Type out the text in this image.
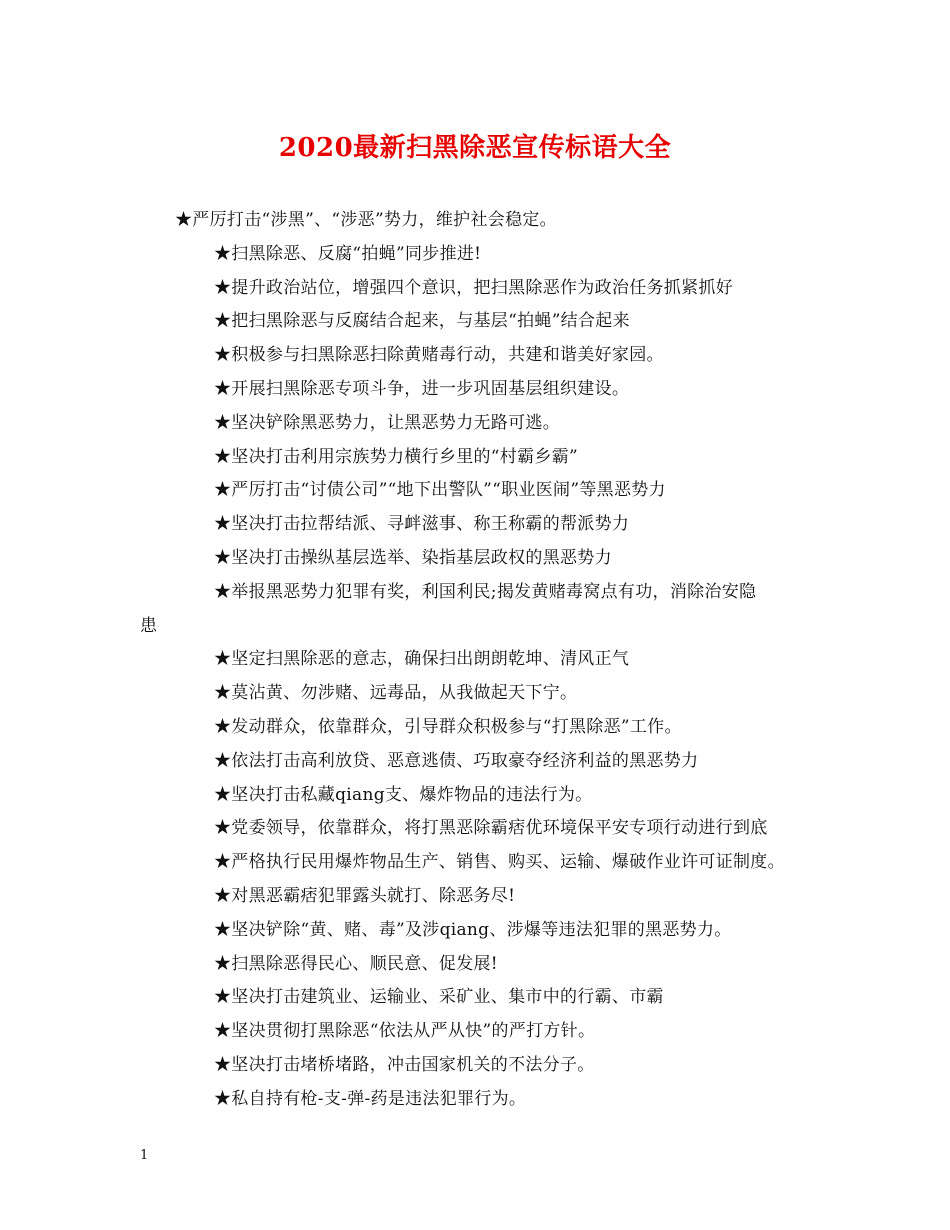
2020最新扫黑除恶宣传标语大全

★严厉打击“涉黑”、“涉恶”势力，维护社会稳定。

★扫黑除恶、反腐“拍蝇”同步推进!

★提升政治站位，增强四个意识，把扫黑除恶作为政治任务抓紧抓好

★把扫黑除恶与反腐结合起来，与基层“拍蝇”结合起来

★积极参与扫黑除恶扫除黄赌毒行动，共建和谐美好家园。

★开展扫黑除恶专项斗争，进一步巩固基层组织建设。

★坚决铲除黑恶势力，让黑恶势力无路可逃。

★坚决打击利用宗族势力横行乡里的“村霸乡霸”

★严厉打击“讨债公司”“地下出警队”“职业医闹”等黑恶势力

★坚决打击拉帮结派、寻衅滋事、称王称霸的帮派势力

★坚决打击操纵基层选举、染指基层政权的黑恶势力

★举报黑恶势力犯罪有奖，利国利民;揭发黄赌毒窝点有功，消除治安隐

患

★坚定扫黑除恶的意志，确保扫出朗朗乾坤、清风正气

★莫沾黄、勿涉赌、远毒品，从我做起天下宁。

★发动群众，依靠群众，引导群众积极参与“打黑除恶”工作。

★依法打击高利放贷、恶意逃债、巧取豪夺经济利益的黑恶势力

★坚决打击私藏qiang支、爆炸物品的违法行为。

★党委领导，依靠群众，将打黑恶除霸痞优环境保平安专项行动进行到底

★严格执行民用爆炸物品生产、销售、购买、运输、爆破作业许可证制度。

★对黑恶霸痞犯罪露头就打、除恶务尽!

★坚决铲除“黄、赌、毒”及涉qiang、涉爆等违法犯罪的黑恶势力。

★扫黑除恶得民心、顺民意、促发展!

★坚决打击建筑业、运输业、采矿业、集市中的行霸、市霸

★坚决贯彻打黑除恶“依法从严从快”的严打方针。

★坚决打击堵桥堵路，冲击国家机关的不法分子。

★私自持有枪-支-弹-药是违法犯罪行为。

1
